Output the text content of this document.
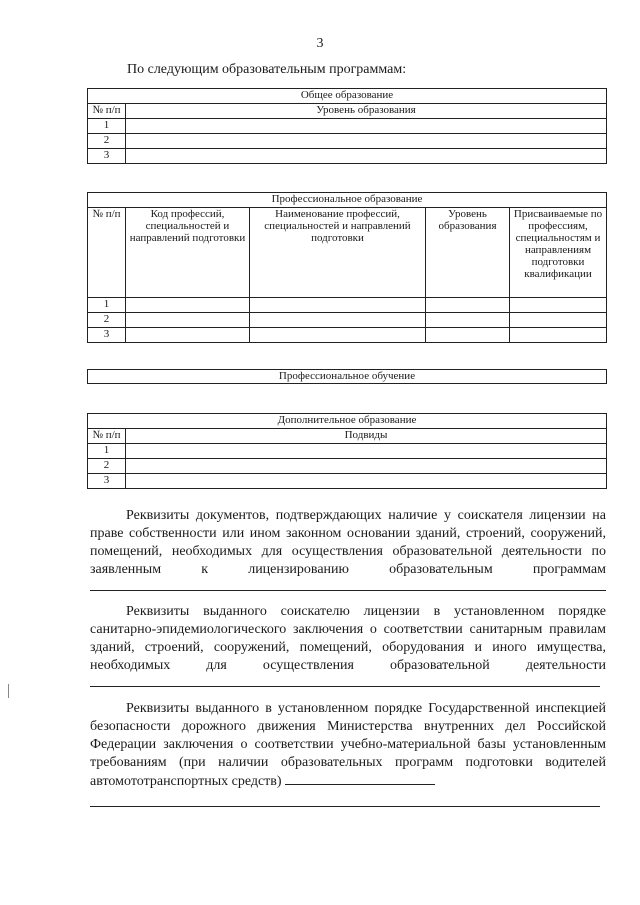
3
По следующим образовательным программам:
Общее образование	
№ п/п	Уровень образования
1	
2	
3	
Профессиональное образование				
№ п/п	Код профессий, специальностей и направлений подготовки	Наименование профессий, специальностей и направлений подготовки	Уровень образования	Присваиваемые по профессиям, специальностям и направлениям подготовки квалификации
1				
2				
3				
Профессиональное обучение
Дополнительное образование	
№ п/п	Подвиды
1	
2	
3	

Реквизиты документов, подтверждающих наличие у соискателя лицензии на праве собственности или ином законном основании зданий, строений, сооружений, помещений, необходимых для осуществления образовательной деятельности по заявленным к лицензированию образовательным программам

Реквизиты выданного соискателю лицензии в установленном порядке санитарно-эпидемиологического заключения о соответствии санитарным правилам зданий, строений, сооружений, помещений, оборудования и иного имущества, необходимых для осуществления образовательной деятельности

Реквизиты выданного в установленном порядке Государственной инспекцией безопасности дорожного движения Министерства внутренних дел Российской Федерации заключения о соответствии учебно-материальной базы установленным требованиям (при наличии образовательных программ подготовки водителей автомототранспортных средств)
